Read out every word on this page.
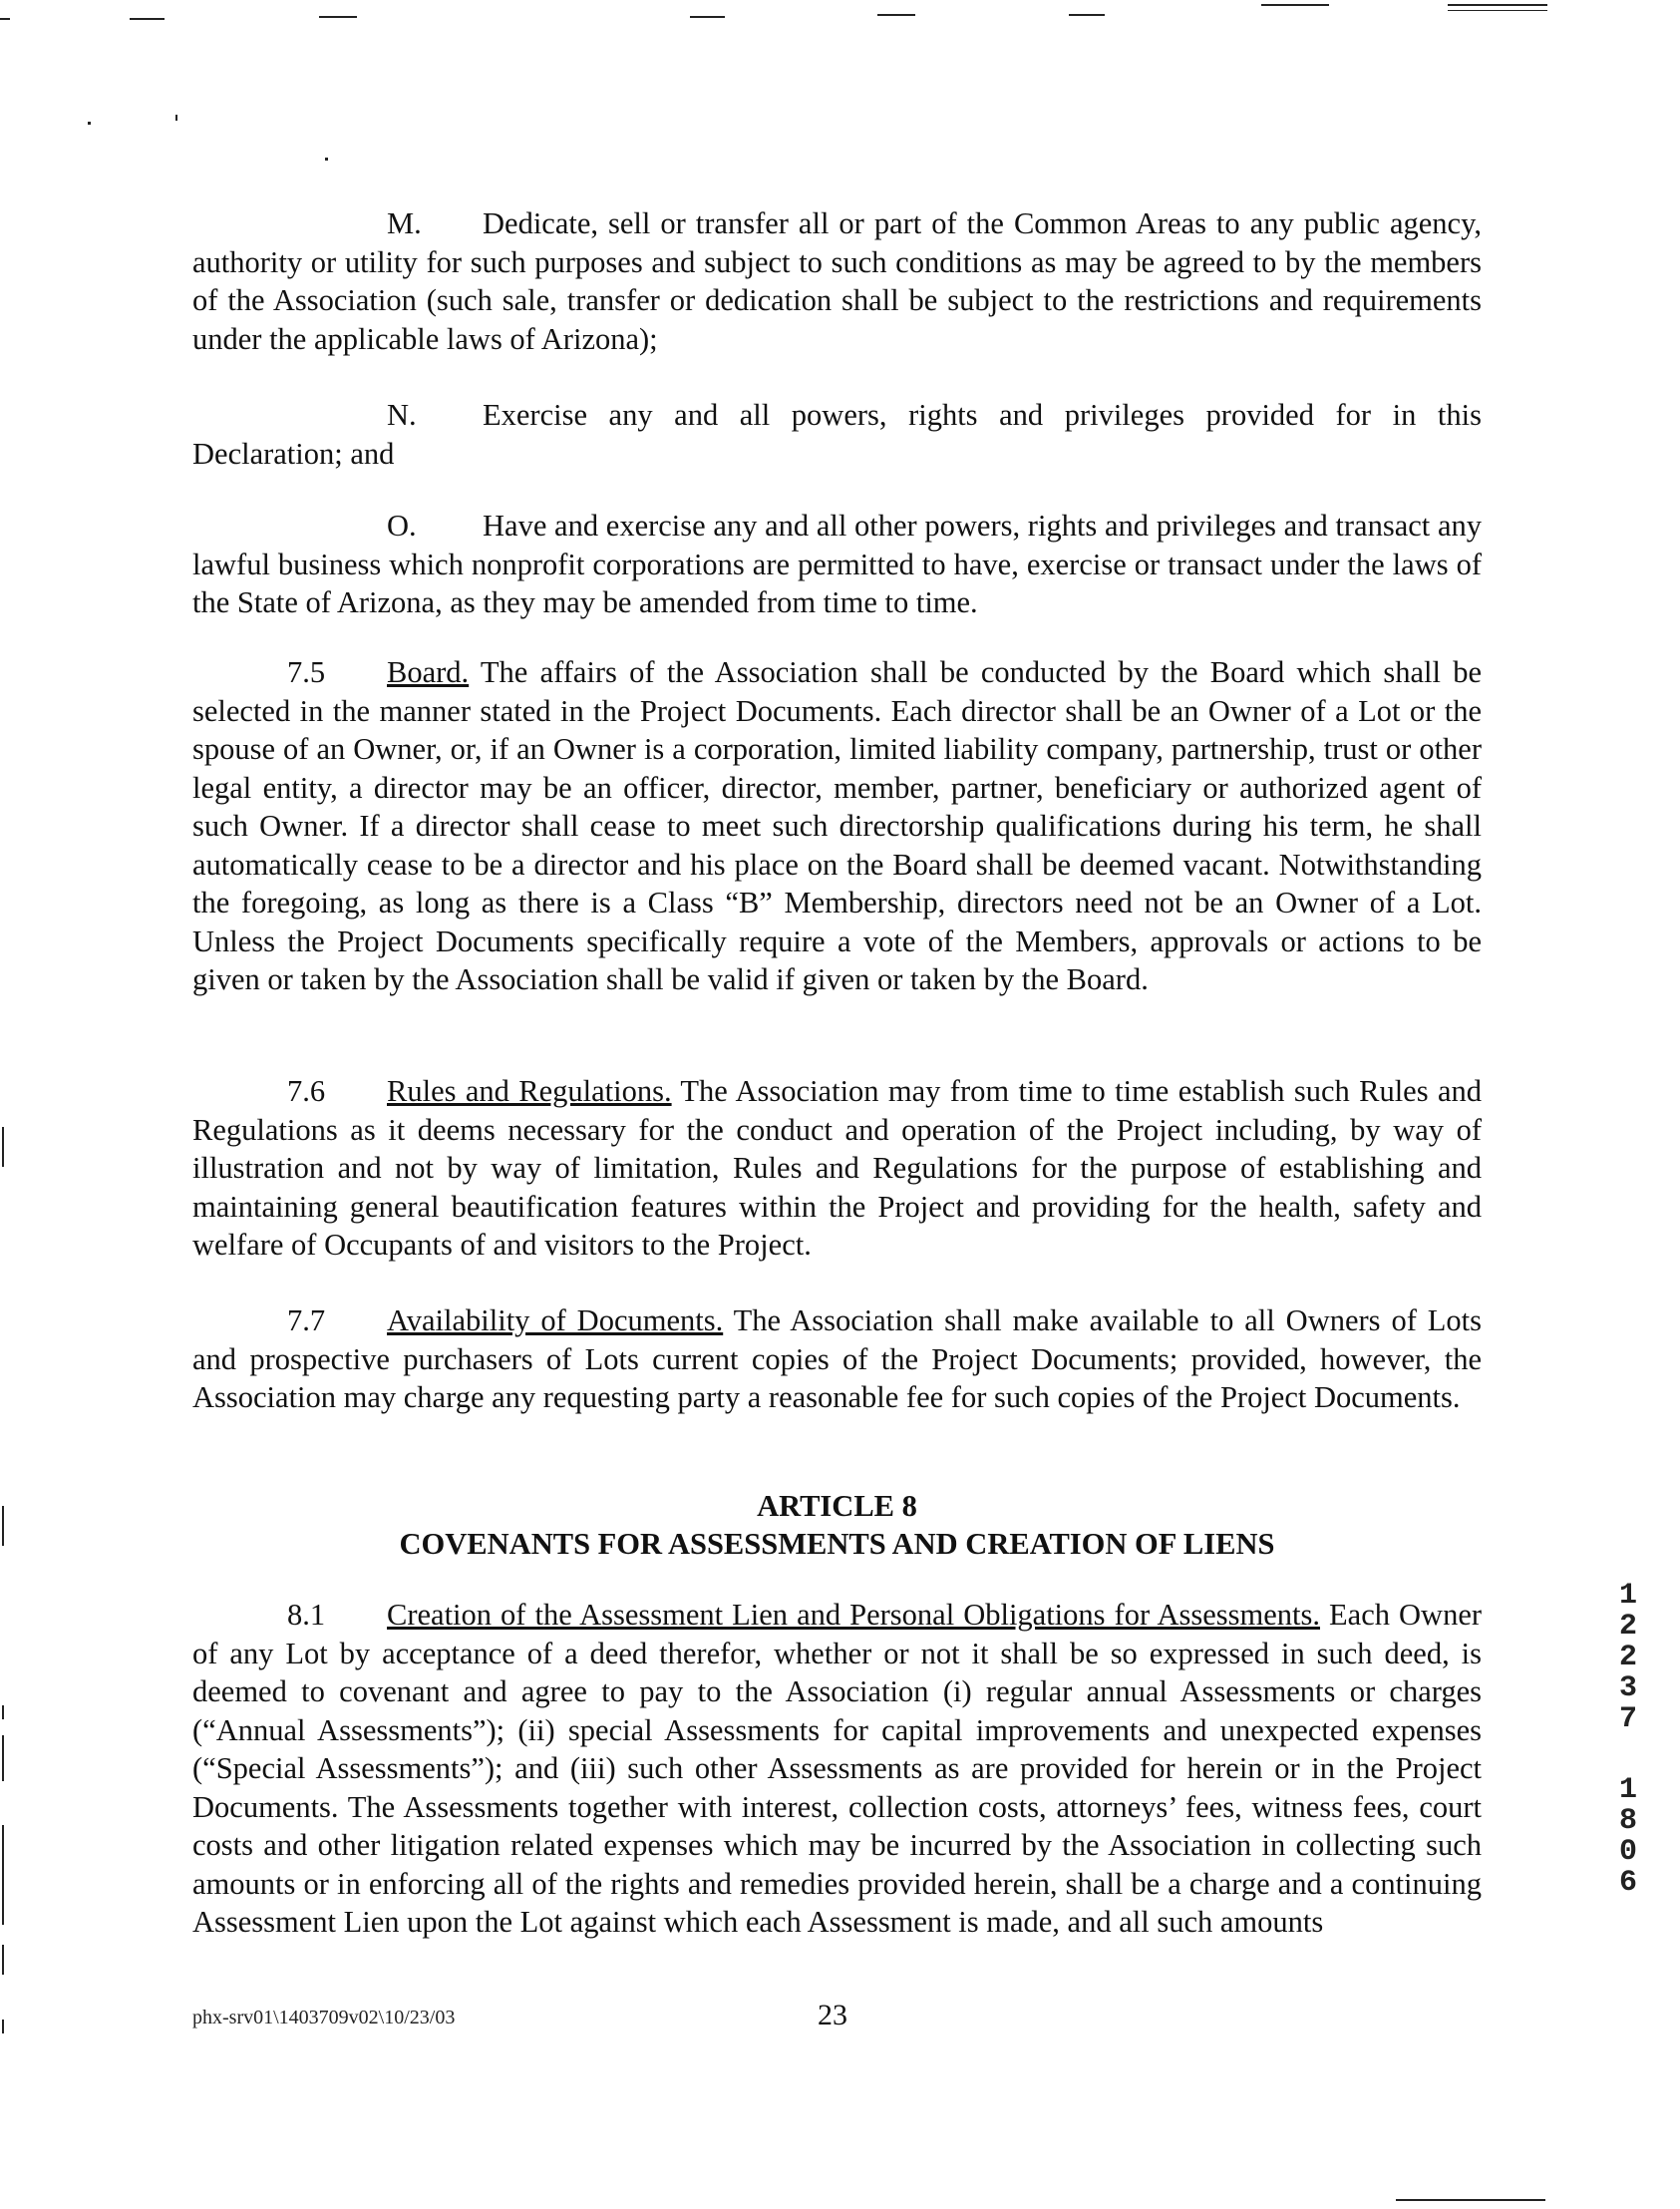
M. Dedicate, sell or transfer all or part of the Common Areas to any public agency, authority or utility for such purposes and subject to such conditions as may be agreed to by the members of the Association (such sale, transfer or dedication shall be subject to the restrictions and requirements under the applicable laws of Arizona);

N. Exercise any and all powers, rights and privileges provided for in this Declaration; and

O. Have and exercise any and all other powers, rights and privileges and transact any lawful business which nonprofit corporations are permitted to have, exercise or transact under the laws of the State of Arizona, as they may be amended from time to time.

7.5 Board. The affairs of the Association shall be conducted by the Board which shall be selected in the manner stated in the Project Documents. Each director shall be an Owner of a Lot or the spouse of an Owner, or, if an Owner is a corporation, limited liability company, partnership, trust or other legal entity, a director may be an officer, director, member, partner, beneficiary or authorized agent of such Owner. If a director shall cease to meet such directorship qualifications during his term, he shall automatically cease to be a director and his place on the Board shall be deemed vacant. Notwithstanding the foregoing, as long as there is a Class “B” Membership, directors need not be an Owner of a Lot. Unless the Project Documents specifically require a vote of the Members, approvals or actions to be given or taken by the Association shall be valid if given or taken by the Board.

7.6 Rules and Regulations. The Association may from time to time establish such Rules and Regulations as it deems necessary for the conduct and operation of the Project including, by way of illustration and not by way of limitation, Rules and Regulations for the purpose of establishing and maintaining general beautification features within the Project and providing for the health, safety and welfare of Occupants of and visitors to the Project.

7.7 Availability of Documents. The Association shall make available to all Owners of Lots and prospective purchasers of Lots current copies of the Project Documents; provided, however, the Association may charge any requesting party a reasonable fee for such copies of the Project Documents.

ARTICLE 8
COVENANTS FOR ASSESSMENTS AND CREATION OF LIENS

8.1 Creation of the Assessment Lien and Personal Obligations for Assessments. Each Owner of any Lot by acceptance of a deed therefor, whether or not it shall be so expressed in such deed, is deemed to covenant and agree to pay to the Association (i) regular annual Assessments or charges (“Annual Assessments”); (ii) special Assessments for capital improvements and unexpected expenses (“Special Assessments”); and (iii) such other Assessments as are provided for herein or in the Project Documents. The Assessments together with interest, collection costs, attorneys’ fees, witness fees, court costs and other litigation related expenses which may be incurred by the Association in collecting such amounts or in enforcing all of the rights and remedies provided herein, shall be a charge and a continuing Assessment Lien upon the Lot against which each Assessment is made, and all such amounts

phx-srv01\1403709v02\10/23/03	23
1
2
2
3
7
1
8
0
6
